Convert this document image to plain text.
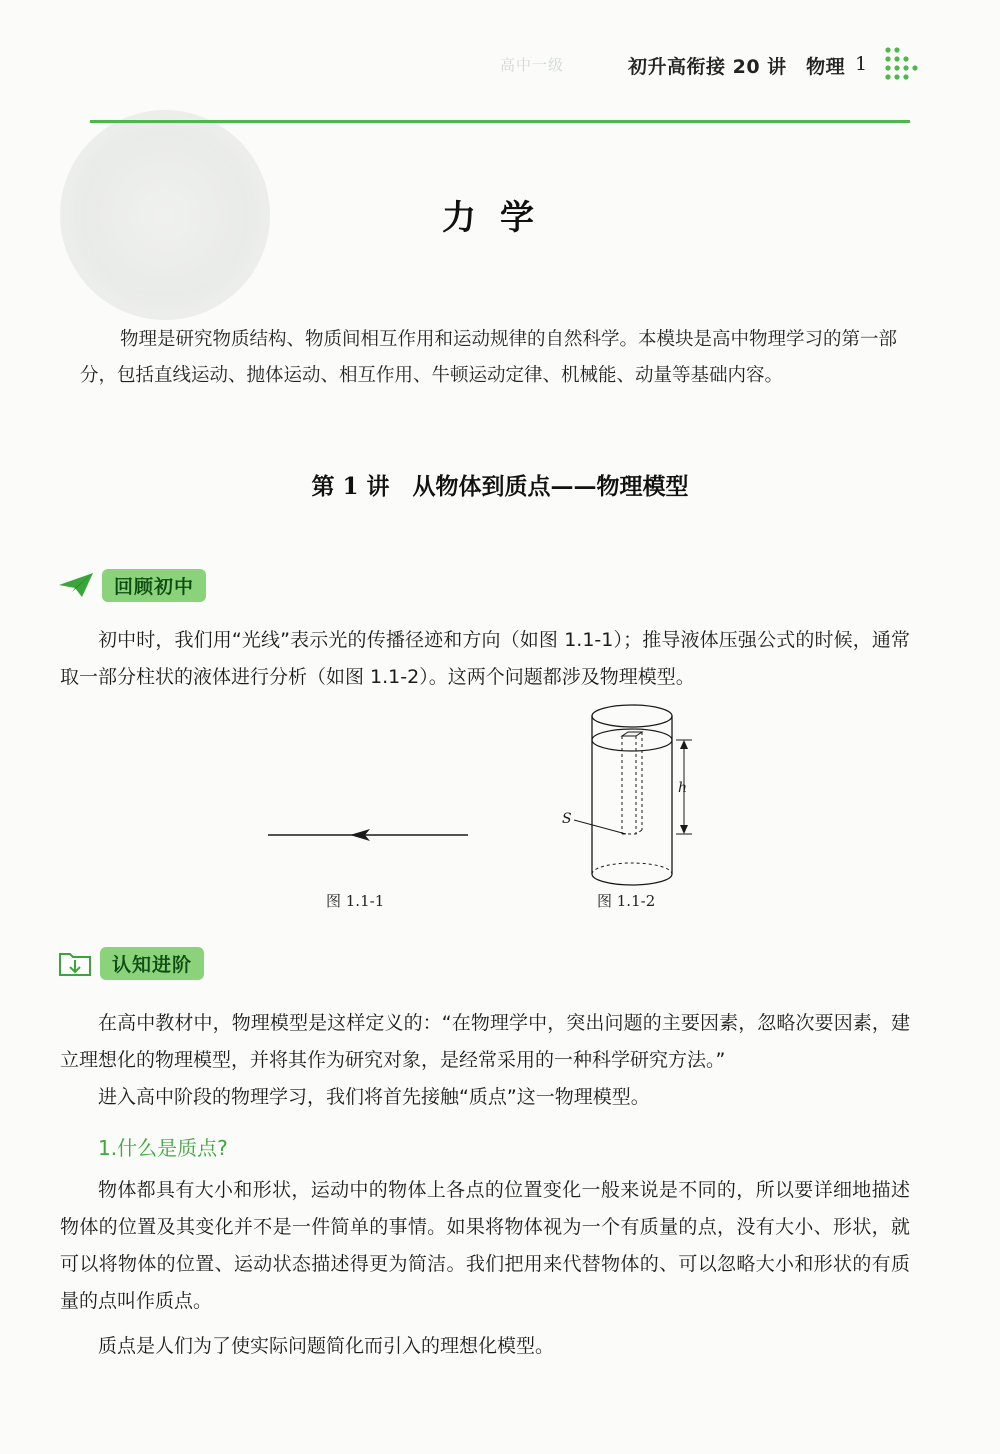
高中一级	初升高衔接 20 讲　物理 1
力学
物理是研究物质结构、物质间相互作用和运动规律的自然科学。本模块是高中物理学习的第一部分，包括直线运动、抛体运动、相互作用、牛顿运动定律、机械能、动量等基础内容。
第 1 讲　从物体到质点——物理模型
回顾初中

初中时，我们用“光线”表示光的传播径迹和方向（如图 1.1-1）；推导液体压强公式的时候，通常取一部分柱状的液体进行分析（如图 1.1-2）。这两个问题都涉及物理模型。

图 1.1-1
h
S
图 1.1-2
认知进阶

在高中教材中，物理模型是这样定义的：“在物理学中，突出问题的主要因素，忽略次要因素，建立理想化的物理模型，并将其作为研究对象，是经常采用的一种科学研究方法。”

进入高中阶段的物理学习，我们将首先接触“质点”这一物理模型。

1.什么是质点?

物体都具有大小和形状，运动中的物体上各点的位置变化一般来说是不同的，所以要详细地描述物体的位置及其变化并不是一件简单的事情。如果将物体视为一个有质量的点，没有大小、形状，就可以将物体的位置、运动状态描述得更为简洁。我们把用来代替物体的、可以忽略大小和形状的有质量的点叫作质点。

质点是人们为了使实际问题简化而引入的理想化模型。
